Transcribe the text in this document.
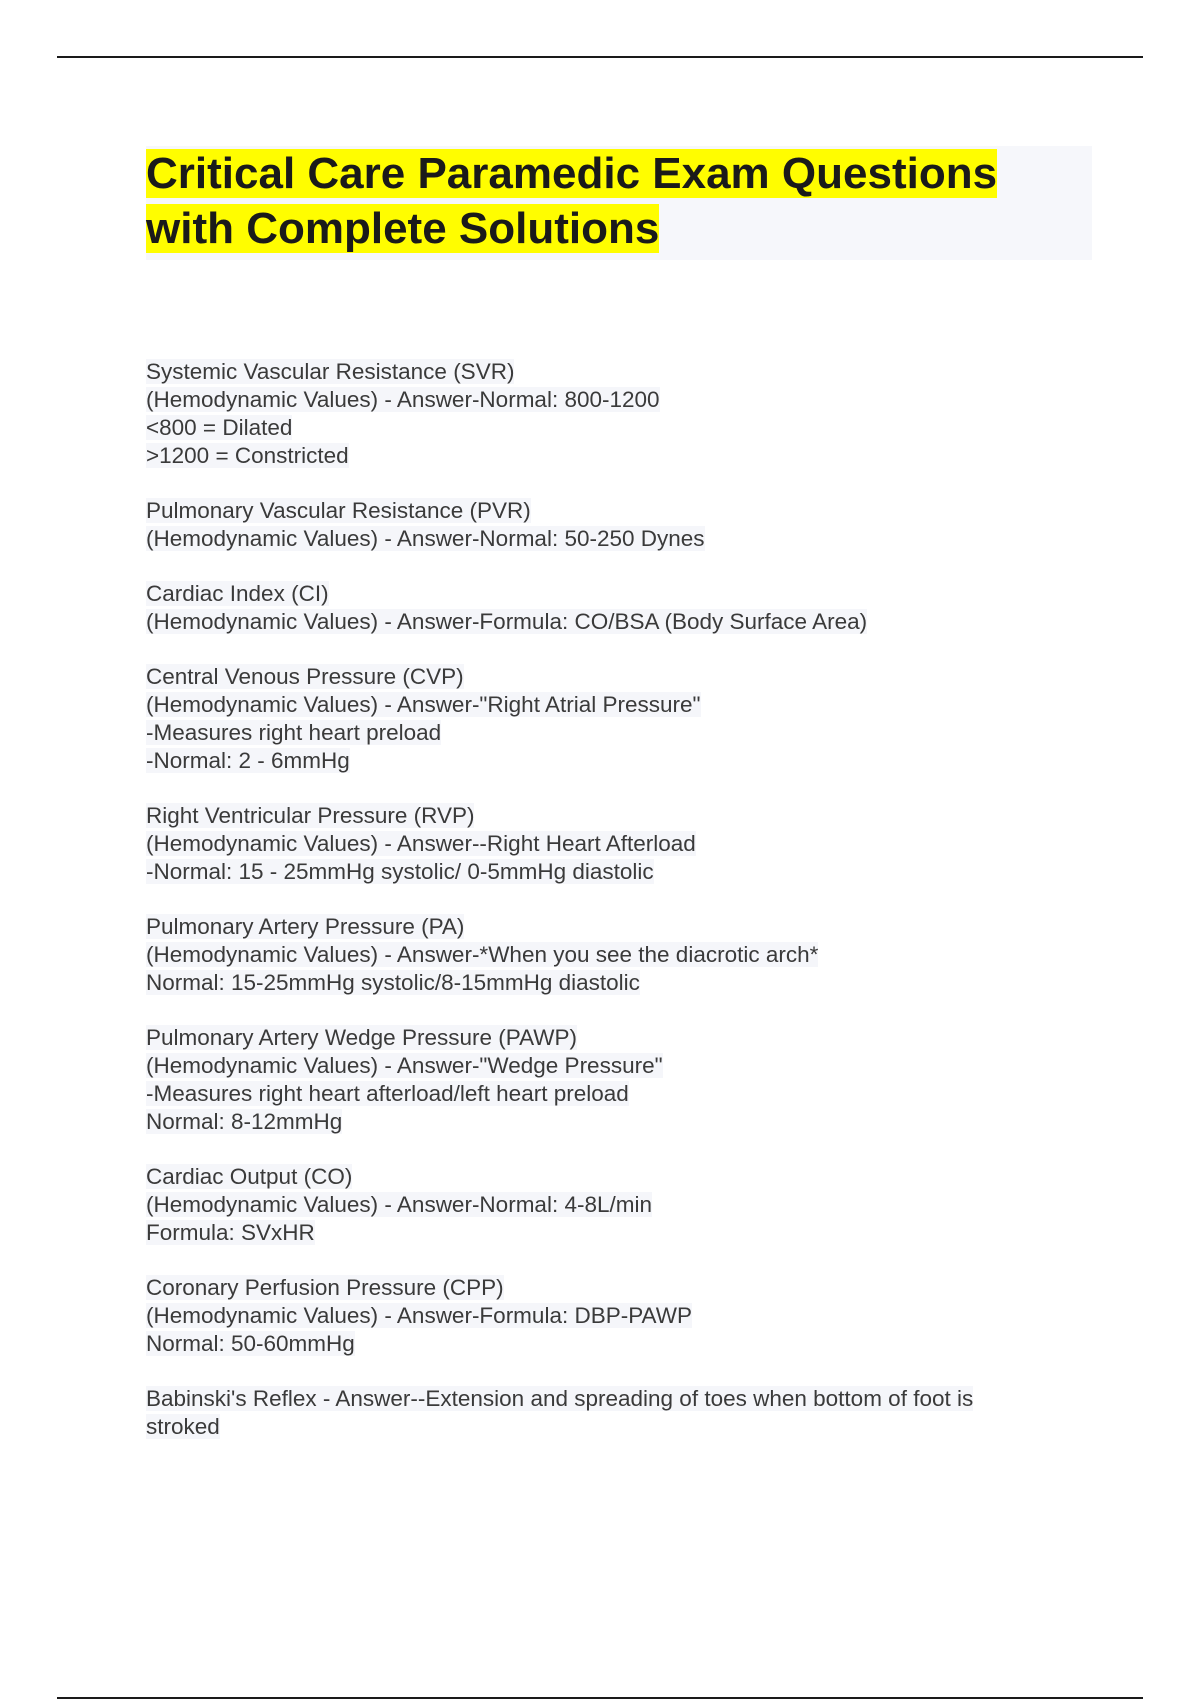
Critical Care Paramedic Exam Questions
with Complete Solutions
Systemic Vascular Resistance (SVR)
(Hemodynamic Values) - Answer-Normal: 800-1200
<800 = Dilated
>1200 = Constricted
Pulmonary Vascular Resistance (PVR)
(Hemodynamic Values) - Answer-Normal: 50-250 Dynes
Cardiac Index (CI)
(Hemodynamic Values) - Answer-Formula: CO/BSA (Body Surface Area)
Central Venous Pressure (CVP)
(Hemodynamic Values) - Answer-"Right Atrial Pressure"
-Measures right heart preload
-Normal: 2 - 6mmHg
Right Ventricular Pressure (RVP)
(Hemodynamic Values) - Answer--Right Heart Afterload
-Normal: 15 - 25mmHg systolic/ 0-5mmHg diastolic
Pulmonary Artery Pressure (PA)
(Hemodynamic Values) - Answer-*When you see the diacrotic arch*
Normal: 15-25mmHg systolic/8-15mmHg diastolic
Pulmonary Artery Wedge Pressure (PAWP)
(Hemodynamic Values) - Answer-"Wedge Pressure"
-Measures right heart afterload/left heart preload
Normal: 8-12mmHg
Cardiac Output (CO)
(Hemodynamic Values) - Answer-Normal: 4-8L/min
Formula: SVxHR
Coronary Perfusion Pressure (CPP)
(Hemodynamic Values) - Answer-Formula: DBP-PAWP
Normal: 50-60mmHg
Babinski's Reflex - Answer--Extension and spreading of toes when bottom of foot is
stroked
